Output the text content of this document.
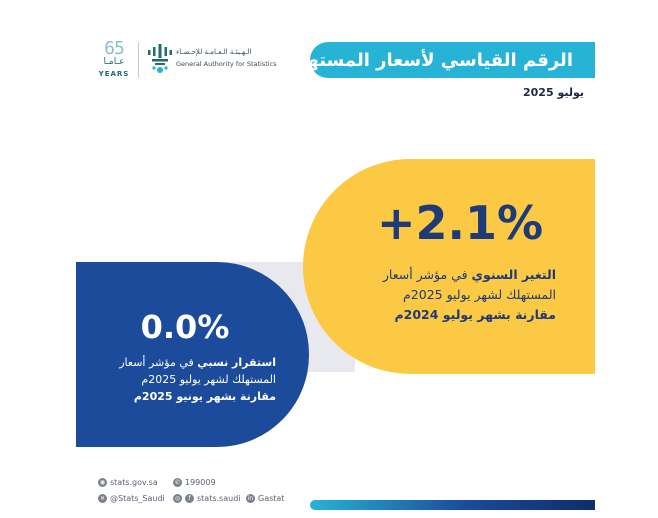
65
عـامـا
YEARS
الـهـيئـة الـعـامـة للإحـصـاء
General Authority for Statistics الرقم القياسي لأسعار المستهلك
يوليو 2025
+2.1%
التغير السنوي في مؤشر أسعار
المستهلك لشهر يوليو 2025م
مقارنة بشهر يوليو 2024م
0.0%
استقرار نسبي في مؤشر أسعار
المستهلك لشهر يوليو 2025م
مقارنة بشهر يونيو 2025م
◉ stats.gov.sa	✆ 199009
✕ @Stats_Saudi	◎	f stats.saudi in Gastat
